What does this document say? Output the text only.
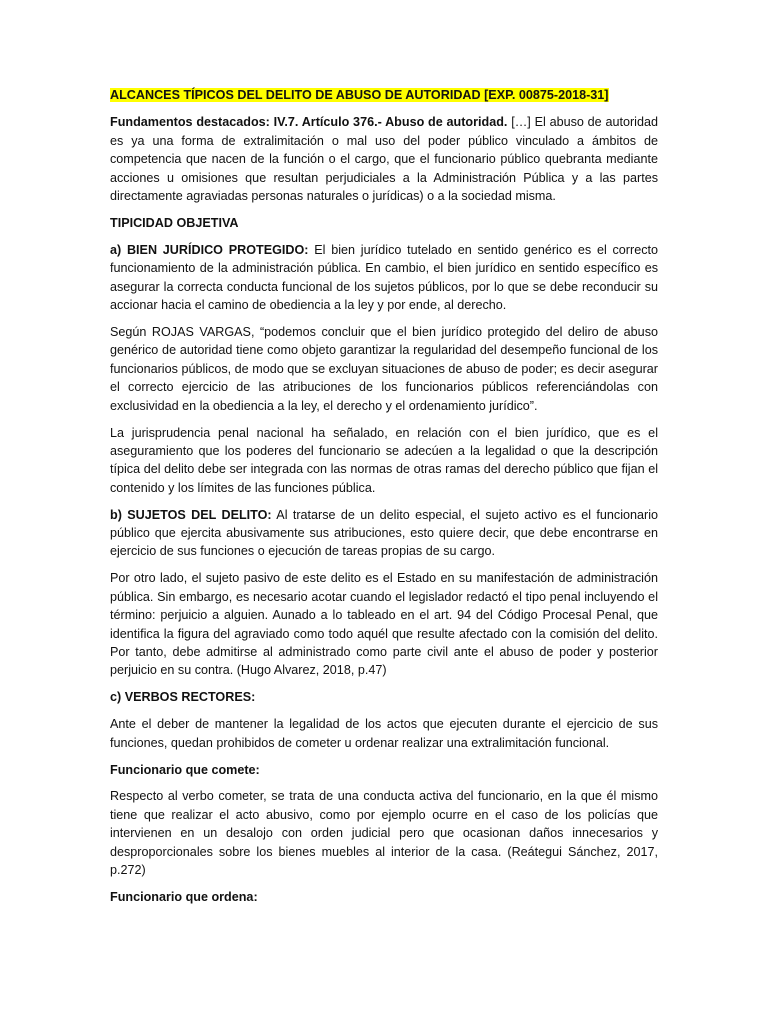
ALCANCES TÍPICOS DEL DELITO DE ABUSO DE AUTORIDAD [EXP. 00875-2018-31]

Fundamentos destacados: IV.7. Artículo 376.- Abuso de autoridad. […] El abuso de autoridad es ya una forma de extralimitación o mal uso del poder público vinculado a ámbitos de competencia que nacen de la función o el cargo, que el funcionario público quebranta mediante acciones u omisiones que resultan perjudiciales a la Administración Pública y a las partes directamente agraviadas personas naturales o jurídicas) o a la sociedad misma.

TIPICIDAD OBJETIVA

a) BIEN JURÍDICO PROTEGIDO: El bien jurídico tutelado en sentido genérico es el correcto funcionamiento de la administración pública. En cambio, el bien jurídico en sentido específico es asegurar la correcta conducta funcional de los sujetos públicos, por lo que se debe reconducir su accionar hacia el camino de obediencia a la ley y por ende, al derecho.

Según ROJAS VARGAS, “podemos concluir que el bien jurídico protegido del deliro de abuso genérico de autoridad tiene como objeto garantizar la regularidad del desempeño funcional de los funcionarios públicos, de modo que se excluyan situaciones de abuso de poder; es decir asegurar el correcto ejercicio de las atribuciones de los funcionarios públicos referenciándolas con exclusividad en la obediencia a la ley, el derecho y el ordenamiento jurídico”.

La jurisprudencia penal nacional ha señalado, en relación con el bien jurídico, que es el aseguramiento que los poderes del funcionario se adecúen a la legalidad o que la descripción típica del delito debe ser integrada con las normas de otras ramas del derecho público que fijan el contenido y los límites de las funciones pública.

b) SUJETOS DEL DELITO: Al tratarse de un delito especial, el sujeto activo es el funcionario público que ejercita abusivamente sus atribuciones, esto quiere decir, que debe encontrarse en ejercicio de sus funciones o ejecución de tareas propias de su cargo.

Por otro lado, el sujeto pasivo de este delito es el Estado en su manifestación de administración pública. Sin embargo, es necesario acotar cuando el legislador redactó el tipo penal incluyendo el término: perjuicio a alguien. Aunado a lo tableado en el art. 94 del Código Procesal Penal, que identifica la figura del agraviado como todo aquél que resulte afectado con la comisión del delito. Por tanto, debe admitirse al administrado como parte civil ante el abuso de poder y posterior perjuicio en su contra. (Hugo Alvarez, 2018, p.47)

c) VERBOS RECTORES:

Ante el deber de mantener la legalidad de los actos que ejecuten durante el ejercicio de sus funciones, quedan prohibidos de cometer u ordenar realizar una extralimitación funcional.

Funcionario que comete:

Respecto al verbo cometer, se trata de una conducta activa del funcionario, en la que él mismo tiene que realizar el acto abusivo, como por ejemplo ocurre en el caso de los policías que intervienen en un desalojo con orden judicial pero que ocasionan daños innecesarios y desproporcionales sobre los bienes muebles al interior de la casa. (Reátegui Sánchez, 2017, p.272)

Funcionario que ordena:
